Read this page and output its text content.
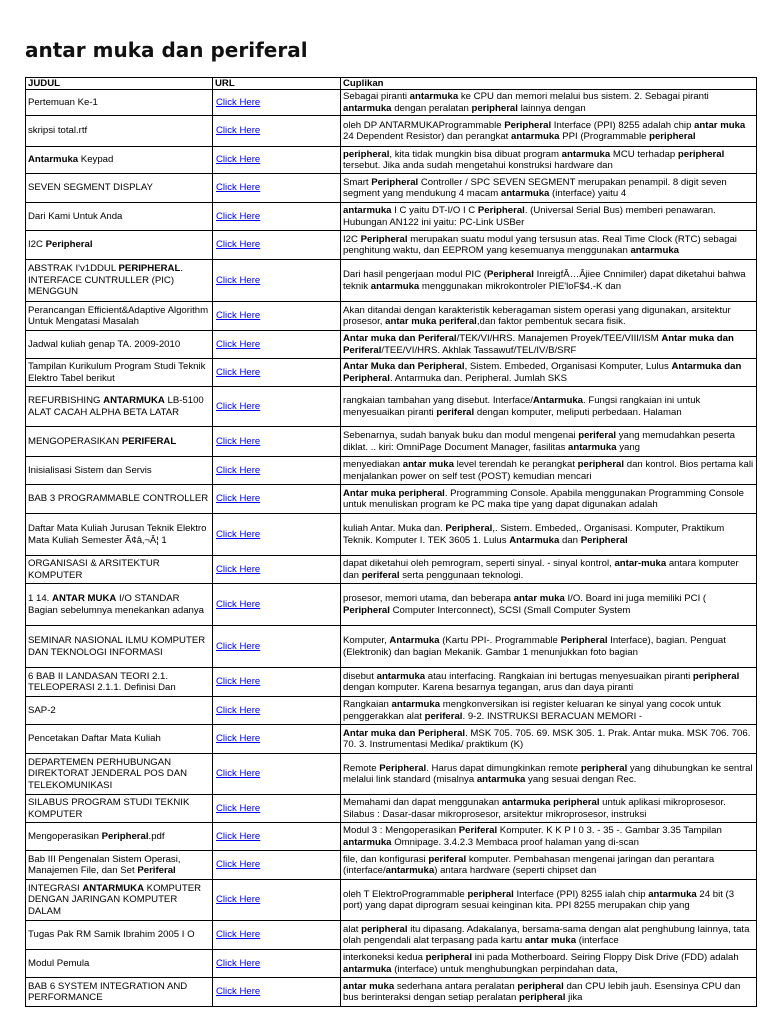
antar muka dan periferal
JUDUL	URL	Cuplikan
Pertemuan Ke-1	Click Here	Sebagai piranti antarmuka ke CPU dan memori melalui bus sistem. 2. Sebagai piranti antarmuka dengan peralatan peripheral lainnya dengan
skripsi total.rtf	Click Here	oleh DP ANTARMUKAProgrammable Peripheral Interface (PPI) 8255 adalah chip antar muka 24 Dependent Resistor) dan perangkat antarmuka PPI (Programmable peripheral
Antarmuka Keypad	Click Here	peripheral, kita tidak mungkin bisa dibuat program antarmuka MCU terhadap peripheral tersebut. Jika anda sudah mengetahui konstruksi hardware dan
SEVEN SEGMENT DISPLAY	Click Here	Smart Peripheral Controller / SPC SEVEN SEGMENT merupakan penampil. 8 digit seven segment yang mendukung 4 macam antarmuka (interface) yaitu 4
Dari Kami Untuk Anda	Click Here	antarmuka I C yaitu DT-I/O I C Peripheral. (Universal Serial Bus) memberi penawaran. Hubungan AN122 ini yaitu: PC-Link USBer
I2C Peripheral	Click Here	I2C Peripheral merupakan suatu modul yang tersusun atas. Real Time Clock (RTC) sebagai penghitung waktu, dan EEPROM yang kesemuanya menggunakan antarmuka
ABSTRAK I'v1DDUL PERIPHERAL. INTERFACE CUNTRULLER (PIC) MENGGUN	Click Here	Dari hasil pengerjaan modul PIC (Peripheral InreigfÂ…Âjiee Cnnimiler) dapat diketahui bahwa teknik antarmuka menggunakan mikrokontroler PIE'loF$4.-K dan
Perancangan Efficient&Adaptive Algorithm Untuk Mengatasi Masalah	Click Here	Akan ditandai dengan karakteristik keberagaman sistem operasi yang digunakan, arsitektur prosesor, antar muka periferal,dan faktor pembentuk secara fisik.
Jadwal kuliah genap TA. 2009-2010	Click Here	Antar muka dan Periferal/TEK/VI/HRS. Manajemen Proyek/TEE/VIII/ISM Antar muka dan Periferal/TEE/VI/HRS. Akhlak Tassawuf/TEL/IV/B/SRF
Tampilan Kurikulum Program Studi Teknik Elektro Tabel berikut	Click Here	Antar Muka dan Peripheral, Sistem. Embeded, Organisasi Komputer, Lulus Antarmuka dan Peripheral. Antarmuka dan. Peripheral. Jumlah SKS
REFURBISHING ANTARMUKA LB-5100 ALAT CACAH ALPHA BETA LATAR	Click Here	rangkaian tambahan yang disebut. Interface/Antarmuka. Fungsi rangkaian ini untuk menyesuaikan piranti periferal dengan komputer, meliputi perbedaan. Halaman
MENGOPERASIKAN PERIFERAL	Click Here	Sebenarnya, sudah banyak buku dan modul mengenai periferal yang memudahkan peserta diklat. .. kiri: OmniPage Document Manager, fasilitas antarmuka yang
Inisialisasi Sistem dan Servis	Click Here	menyediakan antar muka level terendah ke perangkat peripheral dan kontrol. Bios pertama kali menjalankan power on self test (POST) kemudian mencari
BAB 3 PROGRAMMABLE CONTROLLER	Click Here	Antar muka peripheral. Programming Console. Apabila menggunakan Programming Console untuk menuliskan program ke PC maka tipe yang dapat digunakan adalah
Daftar Mata Kuliah Jurusan Teknik Elektro Mata Kuliah Semester Ã¢â‚¬Â¦ 1	Click Here	kuliah Antar. Muka dan. Peripheral,. Sistem. Embeded,. Organisasi. Komputer, Praktikum Teknik. Komputer I. TEK 3605 1. Lulus Antarmuka dan Peripheral
ORGANISASI & ARSITEKTUR KOMPUTER	Click Here	dapat diketahui oleh pemrogram, seperti sinyal. - sinyal kontrol, antar-muka antara komputer dan periferal serta penggunaan teknologi.
1 14. ANTAR MUKA I/O STANDAR Bagian sebelumnya menekankan adanya	Click Here	prosesor, memori utama, dan beberapa antar muka I/O. Board ini juga memiliki PCI ( Peripheral Computer Interconnect), SCSI (Small Computer System
SEMINAR NASIONAL ILMU KOMPUTER DAN TEKNOLOGI INFORMASI	Click Here	Komputer, Antarmuka (Kartu PPI-. Programmable Peripheral Interface), bagian. Penguat (Elektronik) dan bagian Mekanik. Gambar 1 menunjukkan foto bagian
6 BAB II LANDASAN TEORI 2.1. TELEOPERASI 2.1.1. Definisi Dan	Click Here	disebut antarmuka atau interfacing. Rangkaian ini bertugas menyesuaikan piranti peripheral dengan komputer. Karena besarnya tegangan, arus dan daya piranti
SAP-2	Click Here	Rangkaian antarmuka mengkonversikan isi register keluaran ke sinyal yang cocok untuk penggerakkan alat periferal. 9-2. INSTRUKSI BERACUAN MEMORI -
Pencetakan Daftar Mata Kuliah	Click Here	Antar muka dan Peripheral. MSK 705. 705. 69. MSK 305. 1. Prak. Antar muka. MSK 706. 706. 70. 3. Instrumentasi Medika/ praktikum (K)
DEPARTEMEN PERHUBUNGAN DIREKTORAT JENDERAL POS DAN TELEKOMUNIKASI	Click Here	Remote Peripheral. Harus dapat dimungkinkan remote peripheral yang dihubungkan ke sentral melalui link standard (misalnya antarmuka yang sesuai dengan Rec.
SILABUS PROGRAM STUDI TEKNIK KOMPUTER	Click Here	Memahami dan dapat menggunakan antarmuka peripheral untuk aplikasi mikroprosesor. Silabus : Dasar-dasar mikroprosesor, arsitektur mikroprosesor, instruksi
Mengoperasikan Peripheral.pdf	Click Here	Modul 3 : Mengoperasikan Periferal Komputer. K K P I 0 3. - 35 -. Gambar 3.35 Tampilan antarmuka Omnipage. 3.4.2.3 Membaca proof halaman yang di-scan
Bab III Pengenalan Sistem Operasi, Manajemen File, dan Set Periferal	Click Here	file, dan konfigurasi periferal komputer. Pembahasan mengenai jaringan dan perantara (interface/antarmuka) antara hardware (seperti chipset dan
INTEGRASI ANTARMUKA KOMPUTER DENGAN JARINGAN KOMPUTER DALAM	Click Here	oleh T ElektroProgrammable peripheral Interface (PPI) 8255 ialah chip antarmuka 24 bit (3 port) yang dapat diprogram sesuai keinginan kita. PPI 8255 merupakan chip yang
Tugas Pak RM Samik Ibrahim 2005 I O	Click Here	alat peripheral itu dipasang. Adakalanya, bersama-sama dengan alat penghubung lainnya, tata olah pengendali alat terpasang pada kartu antar muka (interface
Modul Pemula	Click Here	interkoneksi kedua peripheral ini pada Motherboard. Seiring Floppy Disk Drive (FDD) adalah antarmuka (interface) untuk menghubungkan perpindahan data,
BAB 6 SYSTEM INTEGRATION AND PERFORMANCE	Click Here	antar muka sederhana antara peralatan peripheral dan CPU lebih jauh. Esensinya CPU dan bus berinteraksi dengan setiap peralatan peripheral jika
